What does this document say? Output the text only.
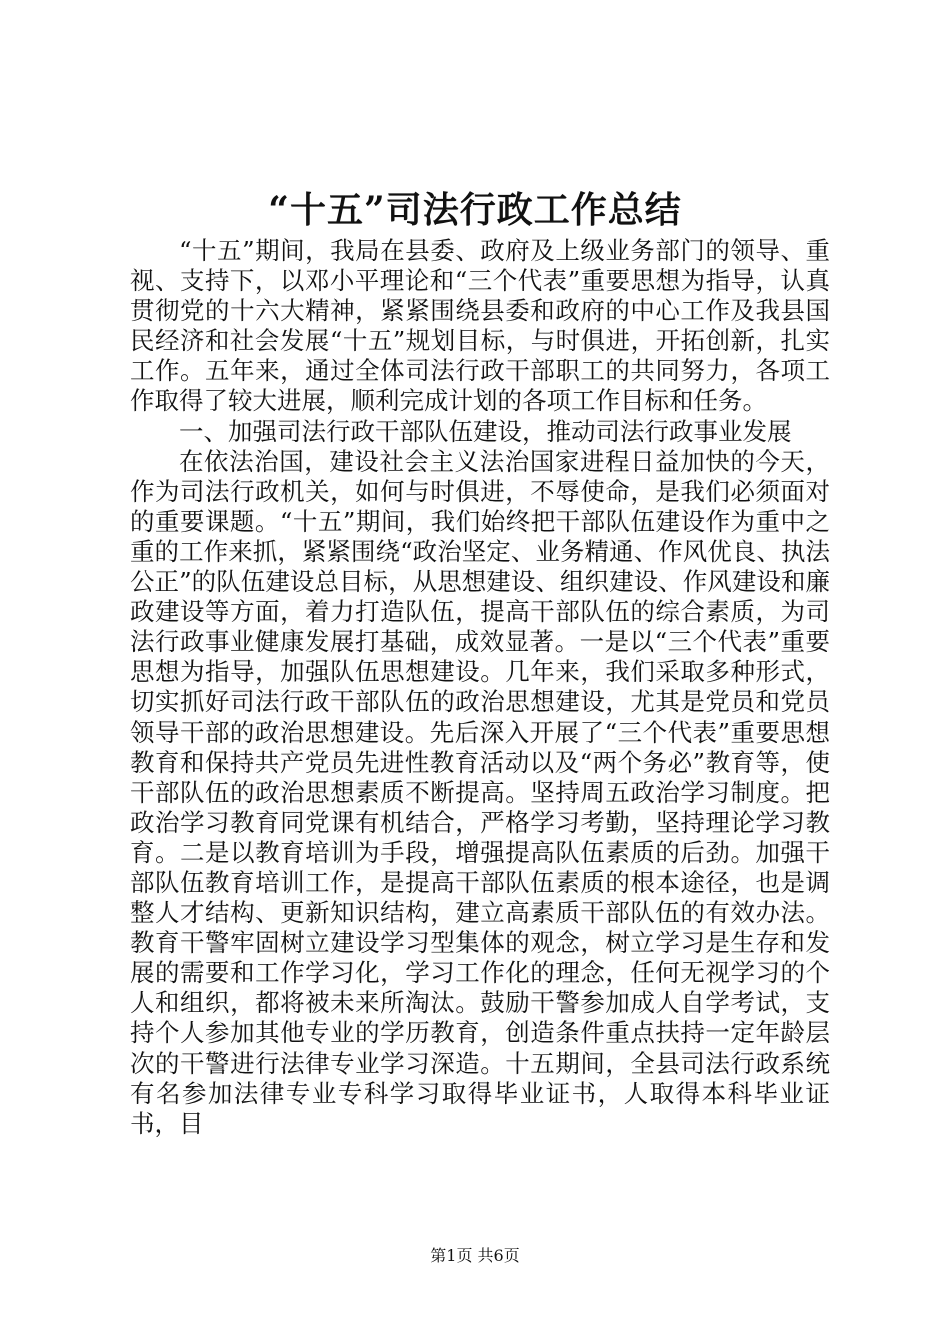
“十五”司法行政工作总结

“十五”期间，我局在县委、政府及上级业务部门的领导、重视、支持下，以邓小平理论和“三个代表”重要思想为指导，认真贯彻党的十六大精神，紧紧围绕县委和政府的中心工作及我县国民经济和社会发展“十五”规划目标，与时俱进，开拓创新，扎实工作。五年来，通过全体司法行政干部职工的共同努力，各项工作取得了较大进展，顺利完成计划的各项工作目标和任务。

一、加强司法行政干部队伍建设，推动司法行政事业发展

在依法治国，建设社会主义法治国家进程日益加快的今天，作为司法行政机关，如何与时俱进，不辱使命，是我们必须面对的重要课题。“十五”期间，我们始终把干部队伍建设作为重中之重的工作来抓，紧紧围绕“政治坚定、业务精通、作风优良、执法公正”的队伍建设总目标，从思想建设、组织建设、作风建设和廉政建设等方面，着力打造队伍，提高干部队伍的综合素质，为司法行政事业健康发展打基础，成效显著。一是以“三个代表”重要思想为指导，加强队伍思想建设。几年来，我们采取多种形式，切实抓好司法行政干部队伍的政治思想建设，尤其是党员和党员领导干部的政治思想建设。先后深入开展了“三个代表”重要思想教育和保持共产党员先进性教育活动以及“两个务必”教育等，使干部队伍的政治思想素质不断提高。坚持周五政治学习制度。把政治学习教育同党课有机结合，严格学习考勤，坚持理论学习教育。二是以教育培训为手段，增强提高队伍素质的后劲。加强干部队伍教育培训工作，是提高干部队伍素质的根本途径，也是调整人才结构、更新知识结构，建立高素质干部队伍的有效办法。教育干警牢固树立建设学习型集体的观念，树立学习是生存和发展的需要和工作学习化，学习工作化的理念，任何无视学习的个人和组织，都将被未来所淘汰。鼓励干警参加成人自学考试，支持个人参加其他专业的学历教育，创造条件重点扶持一定年龄层次的干警进行法律专业学习深造。十五期间，全县司法行政系统有名参加法律专业专科学习取得毕业证书，人取得本科毕业证书，目

第1页 共6页
